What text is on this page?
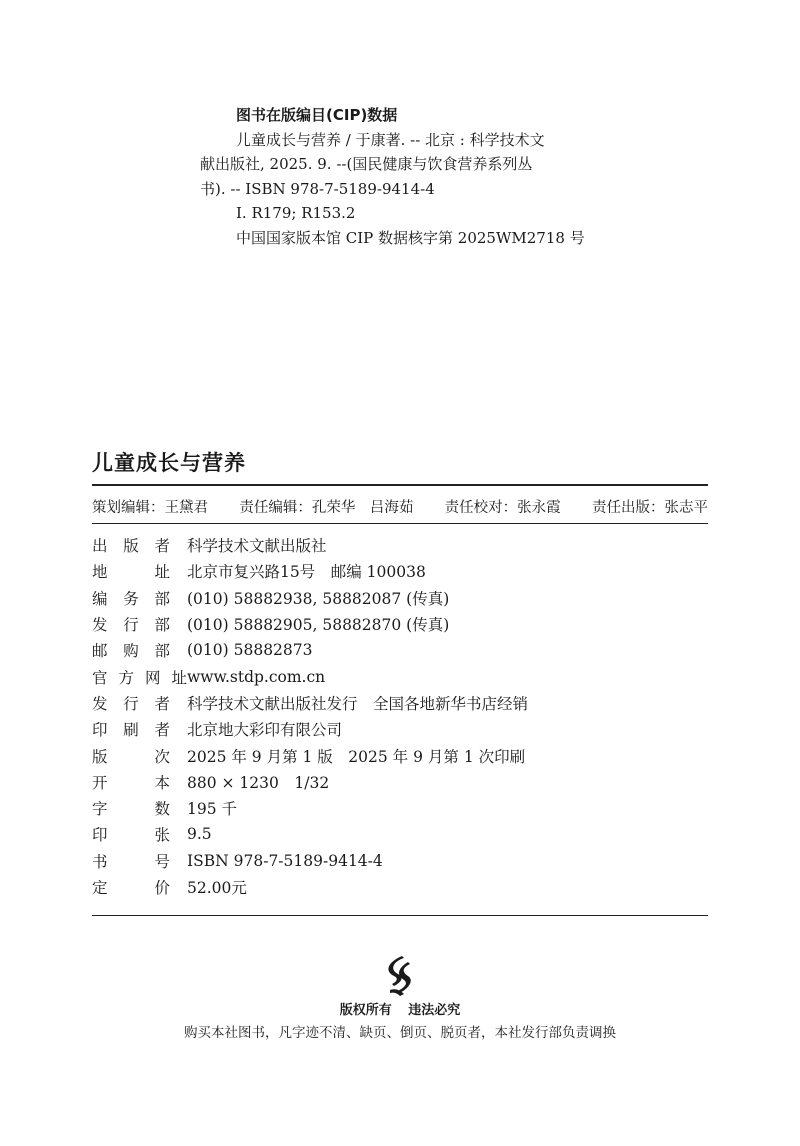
图书在版编目(CIP)数据
儿童成长与营养 / 于康著. -- 北京 : 科学技术文
献出版社, 2025. 9. --(国民健康与饮食营养系列丛
书). -- ISBN 978-7-5189-9414-4
Ⅰ. R179; R153.2
中国国家版本馆 CIP 数据核字第 2025WM2718 号
儿童成长与营养
策划编辑：王黛君 责任编辑：孔荣华　吕海茹 责任校对：张永霞 责任出版：张志平
出 版 者 科学技术文献出版社
地	址 北京市复兴路15号　邮编 100038
编 务 部 (010) 58882938, 58882087 (传真)
发 行 部 (010) 58882905, 58882870 (传真)
邮 购 部 (010) 58882873
官 方 网 址 www.stdp.com.cn
发 行 者 科学技术文献出版社发行　全国各地新华书店经销
印 刷 者 北京地大彩印有限公司
版	次 2025 年 9 月第 1 版　2025 年 9 月第 1 次印刷
开	本 880 × 1230　1/32
字	数 195 千
印	张 9.5
书	号 ISBN 978-7-5189-9414-4
定	价 52.00元
版权所有 违法必究
购买本社图书，凡字迹不清、缺页、倒页、脱页者，本社发行部负责调换
